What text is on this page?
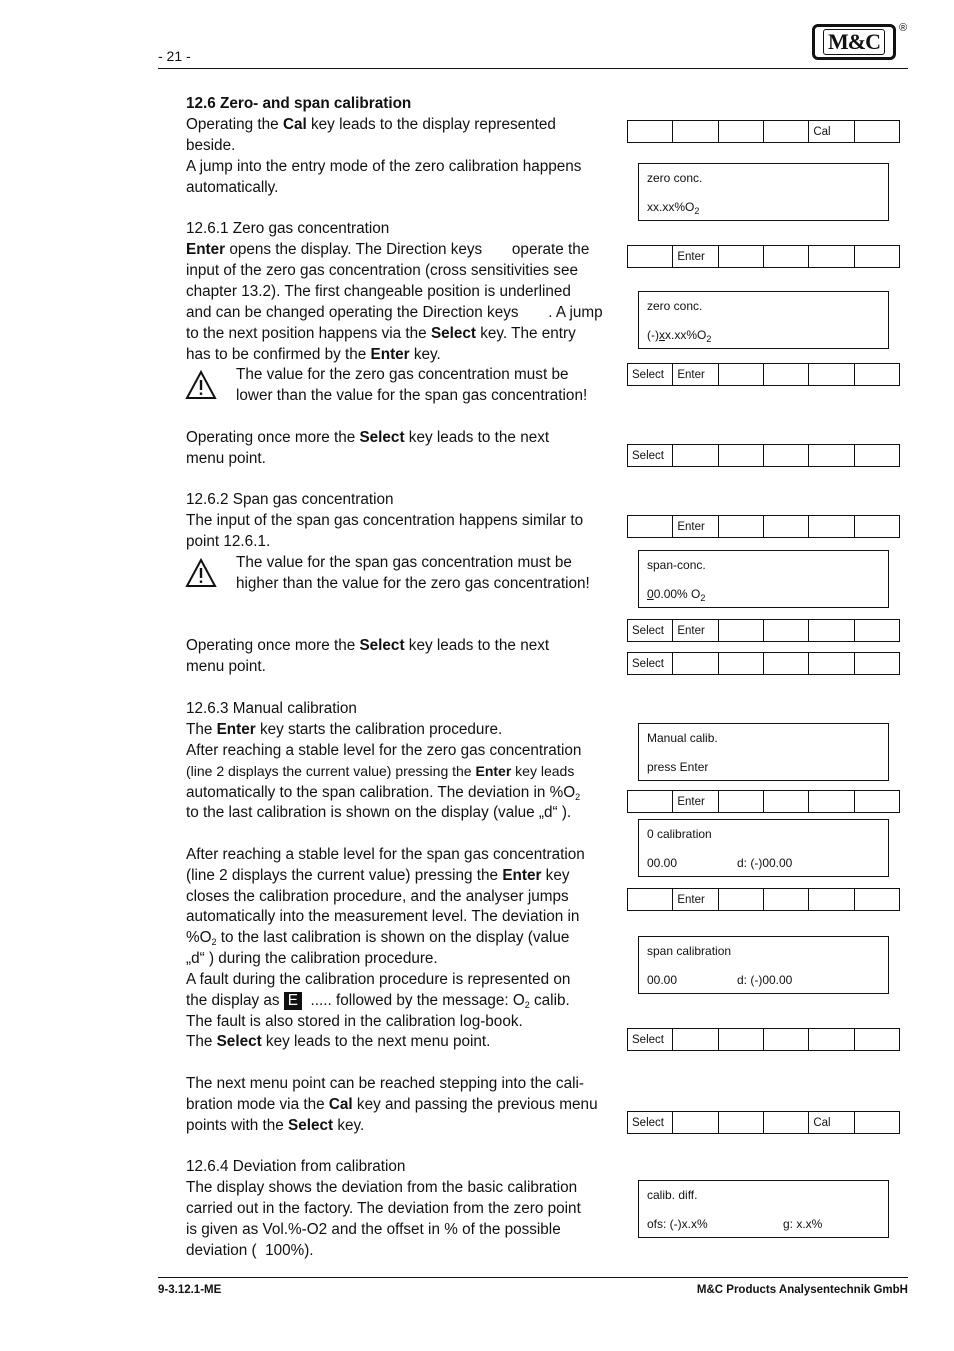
- 21 -
M&C
®
12.6 Zero- and span calibration
Operating the Cal key leads to the display represented
beside.
A jump into the entry mode of the zero calibration happens
automatically.
12.6.1 Zero gas concentration
Enter opens the display. The Direction keys       operate the
input of the zero gas concentration (cross sensitivities see
chapter 13.2). The first changeable position is underlined
and can be changed operating the Direction keys       . A jump
to the next position happens via the Select key. The entry
has to be confirmed by the Enter key.
The value for the zero gas concentration must be
lower than the value for the span gas concentration!
Operating once more the Select key leads to the next
menu point.
12.6.2 Span gas concentration
The input of the span gas concentration happens similar to
point 12.6.1.
The value for the span gas concentration must be
higher than the value for the zero gas concentration!
Operating once more the Select key leads to the next
menu point.
12.6.3 Manual calibration
The Enter key starts the calibration procedure.
After reaching a stable level for the zero gas concentration
(line 2 displays the current value) pressing the Enter key leads
automatically to the span calibration. The deviation in $\%O_2$
to the last calibration is shown on the display (value „d“ ).
After reaching a stable level for the span gas concentration
(line 2 displays the current value) pressing the Enter key
closes the calibration procedure, and the analyser jumps
automatically into the measurement level. The deviation in
$\%O_2$ to the last calibration is shown on the display (value
„d“ ) during the calibration procedure.
A fault during the calibration procedure is represented on
the display as E  ..... followed by the message: $O_2$ calib.
The fault is also stored in the calibration log-book.
The Select key leads to the next menu point.
The next menu point can be reached stepping into the cali-
bration mode via the Cal key and passing the previous menu
points with the Select key.
12.6.4 Deviation from calibration
The display shows the deviation from the basic calibration
carried out in the factory. The deviation from the zero point
is given as Vol.%-O2 and the offset in % of the possible
deviation (  100%).
Cal
Enter
Select	Enter
Select
Enter
Select	Enter
Select
Enter
Enter
Select
Select	Cal
zero conc.
$xx.xx\%O_2$
zero conc.
$(-)xx.xx\%O_2$
span-conc.
00.00% $O_2$
Manual calib.
press Enter
0 calibration
00.00	d: (-)00.00
span calibration
00.00	d: (-)00.00
calib. diff.
ofs: (-)x.x%	g: x.x%
9-3.12.1-ME	M&C Products Analysentechnik GmbH
